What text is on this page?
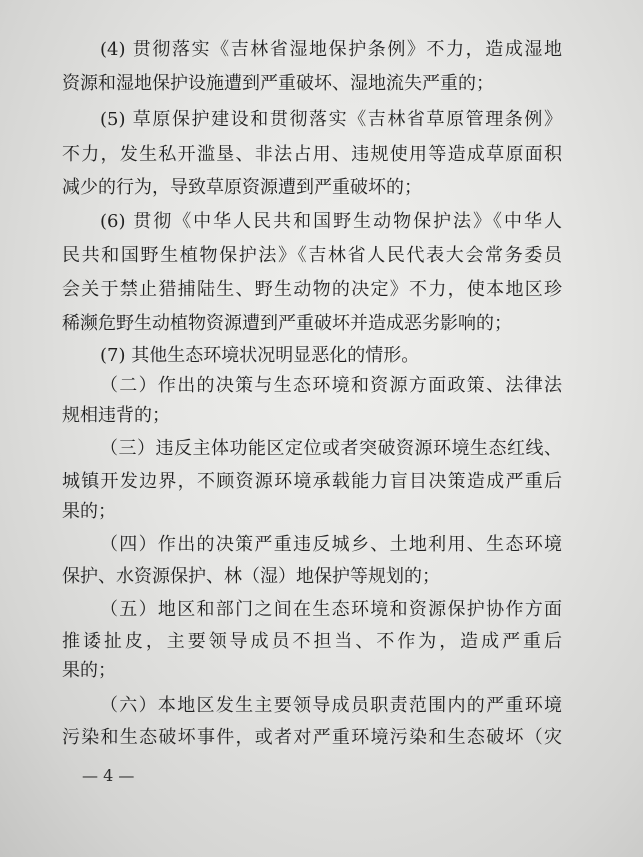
(4) 贯彻落实《吉林省湿地保护条例》不力，造成湿地
资源和湿地保护设施遭到严重破坏、湿地流失严重的；
(5) 草原保护建设和贯彻落实《吉林省草原管理条例》
不力，发生私开滥垦、非法占用、违规使用等造成草原面积
减少的行为，导致草原资源遭到严重破坏的；
(6) 贯彻《中华人民共和国野生动物保护法》《中华人
民共和国野生植物保护法》《吉林省人民代表大会常务委员
会关于禁止猎捕陆生、野生动物的决定》不力，使本地区珍
稀濒危野生动植物资源遭到严重破坏并造成恶劣影响的；
(7) 其他生态环境状况明显恶化的情形。
（二）作出的决策与生态环境和资源方面政策、法律法
规相违背的；
（三）违反主体功能区定位或者突破资源环境生态红线、
城镇开发边界，不顾资源环境承载能力盲目决策造成严重后
果的；
（四）作出的决策严重违反城乡、土地利用、生态环境
保护、水资源保护、林（湿）地保护等规划的；
（五）地区和部门之间在生态环境和资源保护协作方面
推诿扯皮，主要领导成员不担当、不作为，造成严重后
果的；
（六）本地区发生主要领导成员职责范围内的严重环境
污染和生态破坏事件，或者对严重环境污染和生态破坏（灾
— 4 —
